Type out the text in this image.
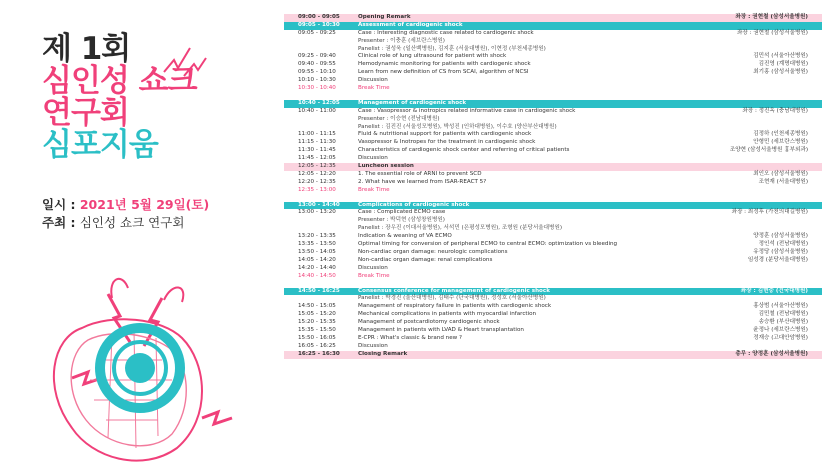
제 1회
심인성 쇼크
연구회
심포지움
일시 : 2021년 5월 29일(토)
주최 : 심인성 쇼크 연구회
09:00 - 09:05	Opening Remark	좌장 : 권현철 (삼성서울병원)
09:05 - 10:30	Assessment of cardiogenic shock
09:05 - 09:25	Case : Interesting diagnostic case related to cardiogenic shock	좌장 : 권현철 (삼성서울병원)
Presenter : 이충훈 (세브란스병원)
Panelist : 권성욱 (일산백병원), 김지훈 (서울대병원), 이현정 (부천세종병원)
09:25 - 09:40	Clinical role of lung ultrasound for patient with shock	김민석 (서울아산병원)
09:40 - 09:55	Hemodynamic monitoring for patients with cardiogenic shock	김진영 (계명대병원)
09:55 - 10:10	Learn from new definition of CS from SCAI, algorithm of NCSI	최기홍 (삼성서울병원)
10:10 - 10:30	Discussion
10:30 - 10:40	Break Time
10:40 - 12:05	Management of cardiogenic shock
10:40 - 11:00	Case : Vasopressor & inotropics related informative case in cardiogenic shock	좌장 : 정진옥 (충남대병원)
Presenter : 이승현 (전남대병원)
Panelist : 김진진 (서울성모병원), 박성진 (인하대병원), 이수호 (양산부산대병원)
11:00 - 11:15	Fluid & nutritional support for patients with cardiogenic shock	김정하 (인천세종병원)
11:15 - 11:30	Vasopressor & Inotropes for the treatment in cardiogenic shock	안형민 (세브란스병원)
11:30 - 11:45	Characteristics of cardiogenic shock center and referring of critical patients	조양현 (삼성서울병원 흉부외과)
11:45 - 12:05	Discussion
12:05 - 12:35	Luncheon session
12:05 - 12:20	1. The essential role of ARNI to prevent SCD	최인오 (삼성서울병원)
12:20 - 12:35	2. What have we learned from ISAR-REACT 5?	조현재 (서울대병원)
12:35 - 13:00	Break Time
13:00 - 14:40	Complications of cardiogenic shock
13:00 - 13:20	Case : Complicated ECMO case	좌장 : 최정후 (가천의대길병원)
Presenter : 박덕현 (삼성창원병원)
Panelist : 장우진 (이대서울병원), 서석민 (은평성모병원), 조형원 (분당서울대병원)
13:20 - 13:35	Indication & weaning of VA ECMO	양정훈 (삼성서울병원)
13:35 - 13:50	Optimal timing for conversion of peripheral ECMO to central ECMO: optimization vs bleeding	정인석 (전남대병원)
13:50 - 14:05	Non-cardiac organ damage: neurologic complications	유정당 (삼성서울병원)
14:05 - 14:20	Non-cardiac organ damage: renal complications	임성경 (분당서울대병원)
14:20 - 14:40	Discussion
14:40 - 14:50	Break Time
14:50 - 16:25	Consensus conference for management of cardiogenic shock	좌장 : 김현중 (건국대병원)
Panelist : 박경진 (울산대병원), 김태수 (단국대병원), 정성호 (서울아산병원)
14:50 - 15:05	Management of respiratory failure in patients with cardiogenic shock	홍상범 (서울아산병원)
15:05 - 15:20	Mechanical complications in patients with myocardial infarction	김민철 (전남대병원)
15:20 - 15:35	Management of postcardiotomy cardiogenic shock	송승환 (부산대병원)
15:35 - 15:50	Management in patients with LVAD & Heart transplantation	윤정나 (세브란스병원)
15:50 - 16:05	E-CPR : What's classic & brand new ?	정재승 (고대안암병원)
16:05 - 16:25	Discussion
16:25 - 16:30	Closing Remark	총무 : 양정훈 (삼성서울병원)
